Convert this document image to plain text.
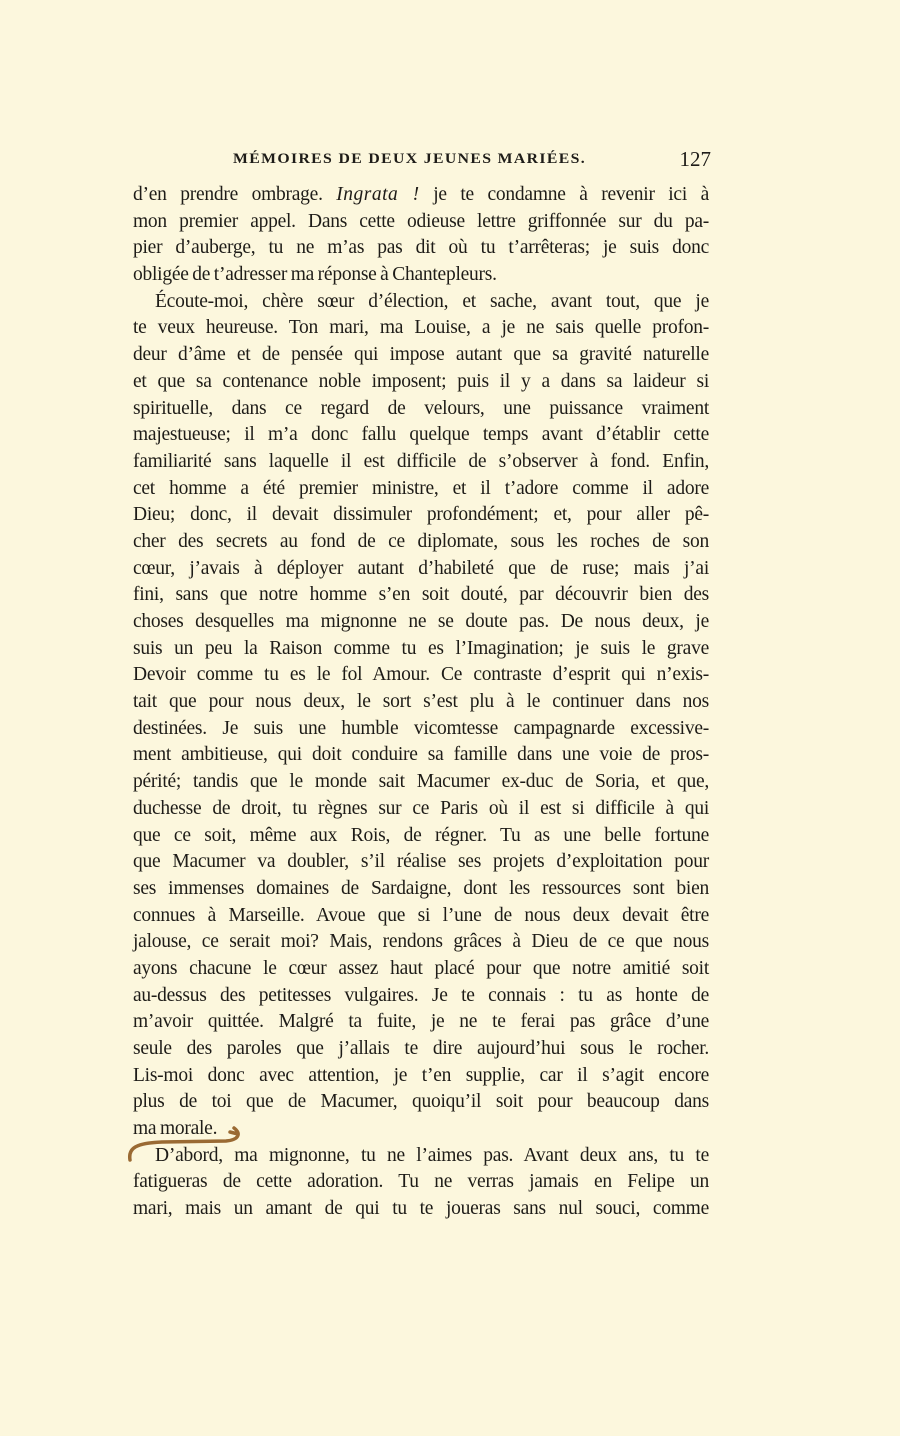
MÉMOIRES DE DEUX JEUNES MARIÉES.	127
d’en prendre ombrage. Ingrata ! je te condamne à revenir ici à
mon premier appel. Dans cette odieuse lettre griffonnée sur du pa-
pier d’auberge, tu ne m’as pas dit où tu t’arrêteras; je suis donc
obligée de t’adresser ma réponse à Chantepleurs.
Écoute-moi, chère sœur d’élection, et sache, avant tout, que je
te veux heureuse. Ton mari, ma Louise, a je ne sais quelle profon-
deur d’âme et de pensée qui impose autant que sa gravité naturelle
et que sa contenance noble imposent; puis il y a dans sa laideur si
spirituelle, dans ce regard de velours, une puissance vraiment
majestueuse; il m’a donc fallu quelque temps avant d’établir cette
familiarité sans laquelle il est difficile de s’observer à fond. Enfin,
cet homme a été premier ministre, et il t’adore comme il adore
Dieu; donc, il devait dissimuler profondément; et, pour aller pê-
cher des secrets au fond de ce diplomate, sous les roches de son
cœur, j’avais à déployer autant d’habileté que de ruse; mais j’ai
fini, sans que notre homme s’en soit douté, par découvrir bien des
choses desquelles ma mignonne ne se doute pas. De nous deux, je
suis un peu la Raison comme tu es l’Imagination; je suis le grave
Devoir comme tu es le fol Amour. Ce contraste d’esprit qui n’exis-
tait que pour nous deux, le sort s’est plu à le continuer dans nos
destinées. Je suis une humble vicomtesse campagnarde excessive-
ment ambitieuse, qui doit conduire sa famille dans une voie de pros-
périté; tandis que le monde sait Macumer ex-duc de Soria, et que,
duchesse de droit, tu règnes sur ce Paris où il est si difficile à qui
que ce soit, même aux Rois, de régner. Tu as une belle fortune
que Macumer va doubler, s’il réalise ses projets d’exploitation pour
ses immenses domaines de Sardaigne, dont les ressources sont bien
connues à Marseille. Avoue que si l’une de nous deux devait être
jalouse, ce serait moi? Mais, rendons grâces à Dieu de ce que nous
ayons chacune le cœur assez haut placé pour que notre amitié soit
au-dessus des petitesses vulgaires. Je te connais : tu as honte de
m’avoir quittée. Malgré ta fuite, je ne te ferai pas grâce d’une
seule des paroles que j’allais te dire aujourd’hui sous le rocher.
Lis-moi donc avec attention, je t’en supplie, car il s’agit encore
plus de toi que de Macumer, quoiqu’il soit pour beaucoup dans
ma morale.
D’abord, ma mignonne, tu ne l’aimes pas. Avant deux ans, tu te
fatigueras de cette adoration. Tu ne verras jamais en Felipe un
mari, mais un amant de qui tu te joueras sans nul souci, comme
